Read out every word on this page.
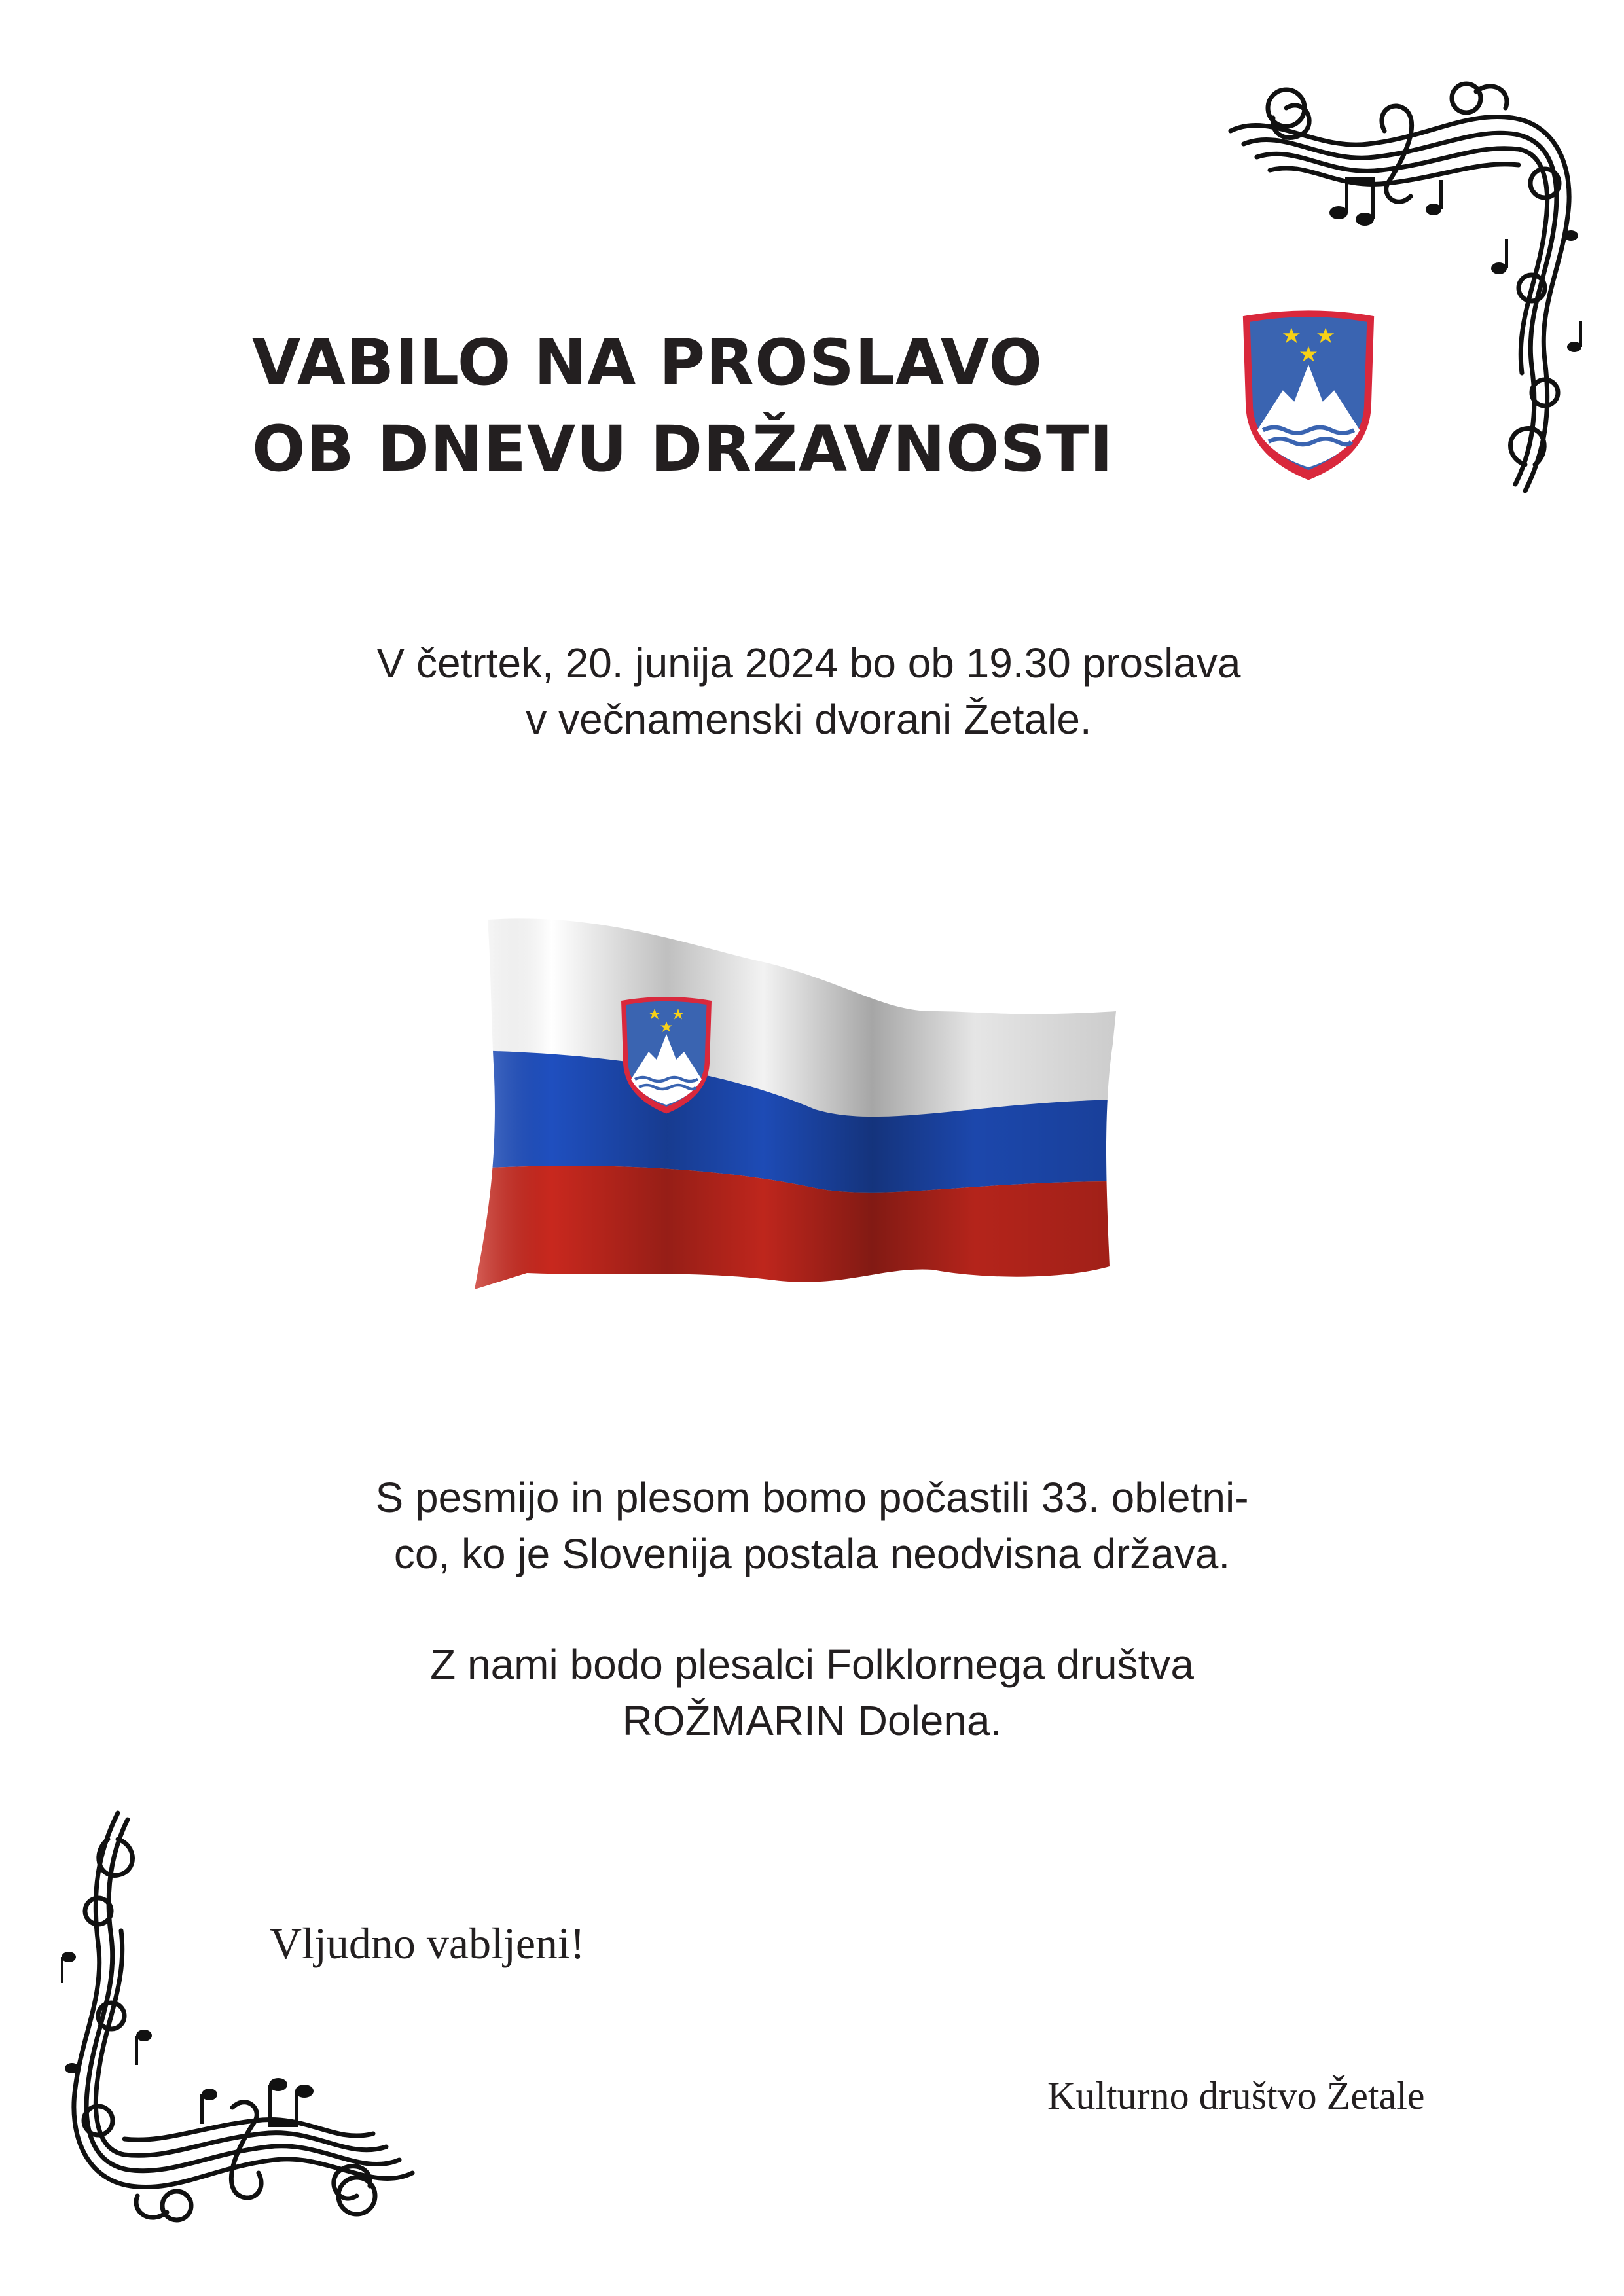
VABILO NA PROSLAVO
OB DNEVU DRŽAVNOSTI
V četrtek, 20. junija 2024 bo ob 19.30 proslava
v večnamenski dvorani Žetale.
S pesmijo in plesom bomo počastili 33. obletni-
co, ko je Slovenija postala neodvisna država.
Z nami bodo plesalci Folklornega društva
ROŽMARIN Dolena.
Vljudno vabljeni!
Kulturno društvo Žetale
